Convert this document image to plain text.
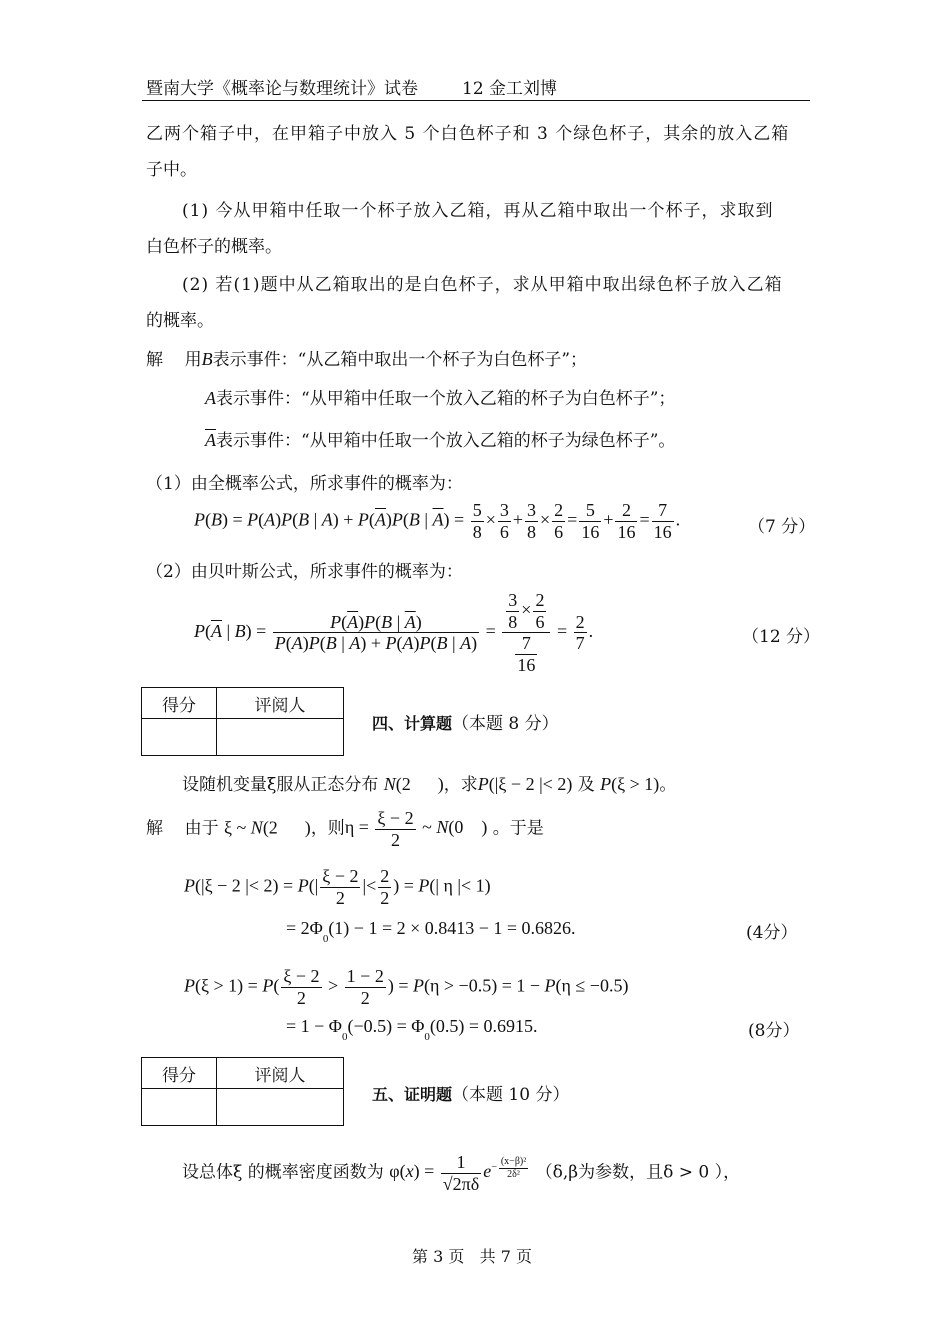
暨南大学《概率论与数理统计》试卷	12 金工刘博
乙两个箱子中，在甲箱子中放入 5 个白色杯子和 3 个绿色杯子，其余的放入乙箱
子中。
(1) 今从甲箱中任取一个杯子放入乙箱，再从乙箱中取出一个杯子，求取到
白色杯子的概率。
(2) 若(1)题中从乙箱取出的是白色杯子，求从甲箱中取出绿色杯子放入乙箱
的概率。
解 用B表示事件：“从乙箱中取出一个杯子为白色杯子”；
A表示事件：“从甲箱中任取一个放入乙箱的杯子为白色杯子”；
$\overline{A}$表示事件：“从甲箱中任取一个放入乙箱的杯子为绿色杯子”。
（1）由全概率公式，所求事件的概率为：
P(B) = P(A)P(B | $A) + P(\overline{A})P(B$ | $\overline{A}) = \frac{5}{8} \times \frac{3}{6} + \frac{3}{8} \times \frac{2}{6} = \frac{5}{16} + \frac{2}{16} = \frac{7}{16}$ .	（7 分）
（2）由贝叶斯公式，所求事件的概率为：
$P(\overline{A}$ | $B) = \frac{P(\overline{A})P(B | \overline{A})}{P(A)P(B | A) + P(A)P(B | A)} = \frac{\frac{3}{8} \times \frac{2}{6}}{\frac{7}{16}} = \frac{2}{7}$ .	（12 分）
得分	评阅人

四、计算题（本题 8 分）
设随机变量ξ服从正态分布 N(2      )，求P(|ξ − 2 |< 2) 及 P(ξ > 1)。
解 由于 ξ ~ N(2      )，则$\eta = \frac{\xi - 2}{2}$ ~ N(0    ) 。于是
P(|ξ − 2 |< $2) = P(| \frac{\xi - 2}{2}$ |< $\frac{2}{2}$ ) = P(| η |< 1)
= $2\Phi_0(1) - 1 = 2 \times 0.8413 - 1 = 0.6826$.	(4分）
$P(\xi > 1) = P( \frac{\xi - 2}{2} > \frac{1 - 2}{2}$ ) = P(η > −0.5) = 1 − P(η ≤ −0.5)
= $1 - \Phi_0(-0.5) = \Phi_0(0.5) = 0.6915$.	(8分）
得分	评阅人

五、证明题（本题 10 分）
设总体ξ 的概率密度函数为 $\varphi(x) = \frac{1}{√2\pi\delta} e^{- \frac{\text{(x−β)²}}{\text{2δ²}}}$ （δ,β为参数，且δ > 0 ），
第 3 页   共 7 页
